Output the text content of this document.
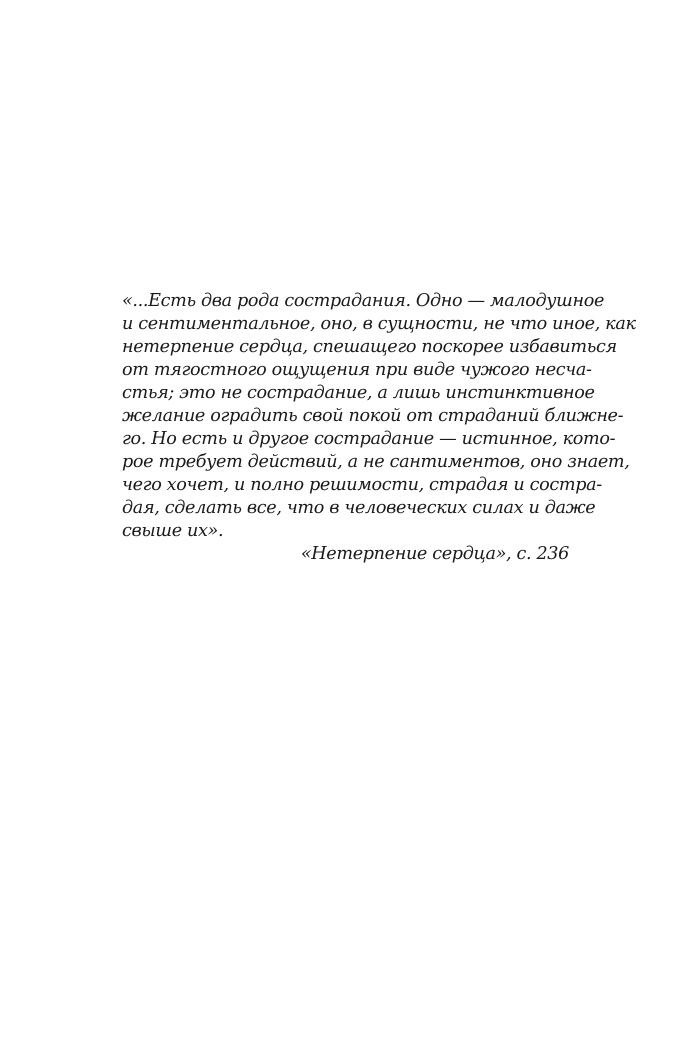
«...Есть два рода сострадания. Одно — малодушное
и сентиментальное, оно, в сущности, не что иное, как
нетерпение сердца, спешащего поскорее избавиться
от тягостного ощущения при виде чужого несча-
стья; это не сострадание, а лишь инстинктивное
желание оградить свой покой от страданий ближне-
го. Но есть и другое сострадание — истинное, кото-
рое требует действий, а не сантиментов, оно знает,
чего хочет, и полно решимости, страдая и состра-
дая, сделать все, что в человеческих силах и даже
свыше их».

«Нетерпение сердца», с. 236
